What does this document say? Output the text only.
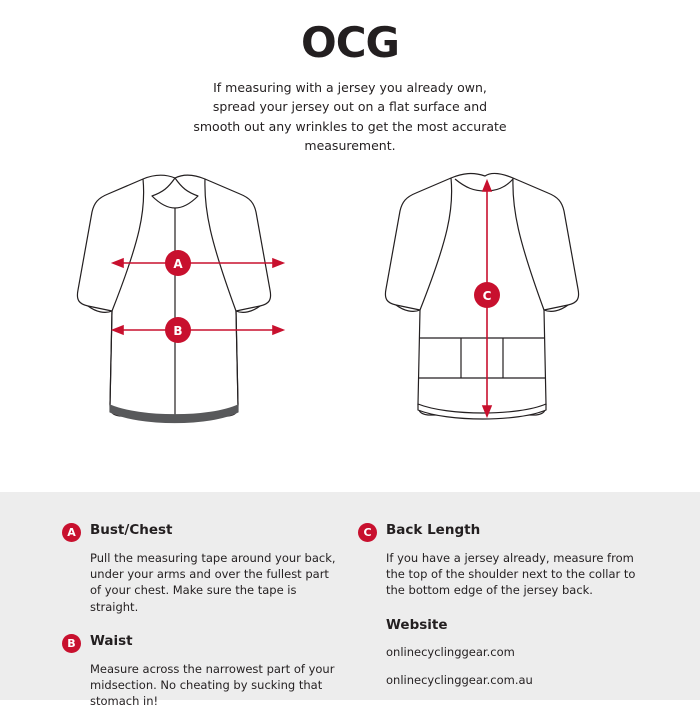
OCG
If measuring with a jersey you already own, spread your jersey out on a flat surface and smooth out any wrinkles to get the most accurate measurement.
A
B
C
A	Bust/Chest

Pull the measuring tape around your back, under your arms and over the fullest part of your chest. Make sure the tape is straight.

B	Waist

Measure across the narrowest part of your midsection. No cheating by sucking that stomach in!

C	Back Length

If you have a jersey already, measure from the top of the shoulder next to the collar to the bottom edge of the jersey back.

Website

onlinecyclinggear.com

onlinecyclinggear.com.au
